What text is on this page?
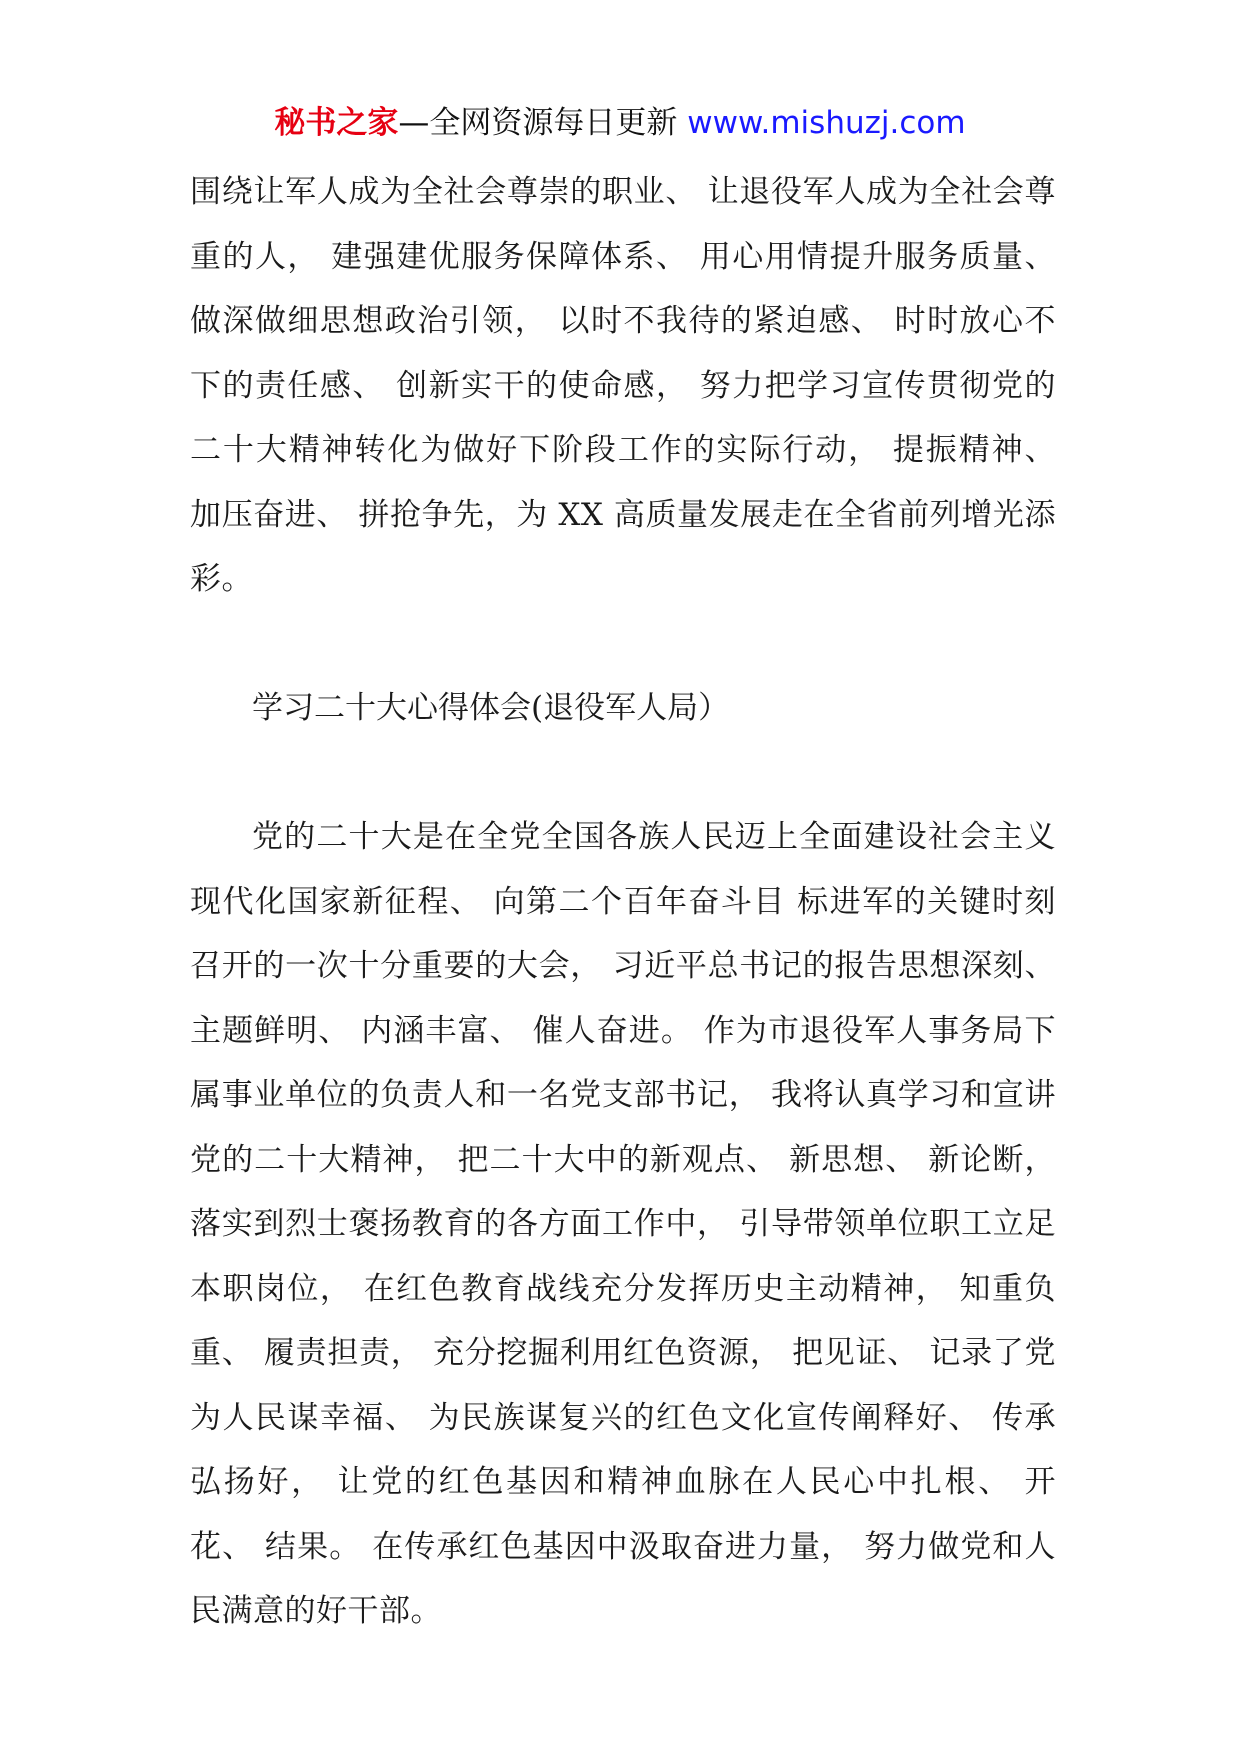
秘书之家—全网资源每日更新 www.mishuzj.com

围绕让军人成为全社会尊崇的职业、 让退役军人成为全社会尊重的人， 建强建优服务保障体系、 用心用情提升服务质量、 做深做细思想政治引领， 以时不我待的紧迫感、 时时放心不下的责任感、 创新实干的使命感， 努力把学习宣传贯彻党的二十大精神转化为做好下阶段工作的实际行动， 提振精神、 加压奋进、 拼抢争先，为 XX 高质量发展走在全省前列增光添彩。

学习二十大心得体会(退役军人局）

党的二十大是在全党全国各族人民迈上全面建设社会主义现代化国家新征程、 向第二个百年奋斗目 标进军的关键时刻召开的一次十分重要的大会， 习近平总书记的报告思想深刻、 主题鲜明、 内涵丰富、 催人奋进。 作为市退役军人事务局下属事业单位的负责人和一名党支部书记， 我将认真学习和宣讲党的二十大精神， 把二十大中的新观点、 新思想、 新论断，落实到烈士褒扬教育的各方面工作中， 引导带领单位职工立足本职岗位， 在红色教育战线充分发挥历史主动精神， 知重负重、 履责担责， 充分挖掘利用红色资源， 把见证、 记录了党为人民谋幸福、 为民族谋复兴的红色文化宣传阐释好、 传承弘扬好， 让党的红色基因和精神血脉在人民心中扎根、 开花、 结果。 在传承红色基因中汲取奋进力量， 努力做党和人民满意的好干部。
